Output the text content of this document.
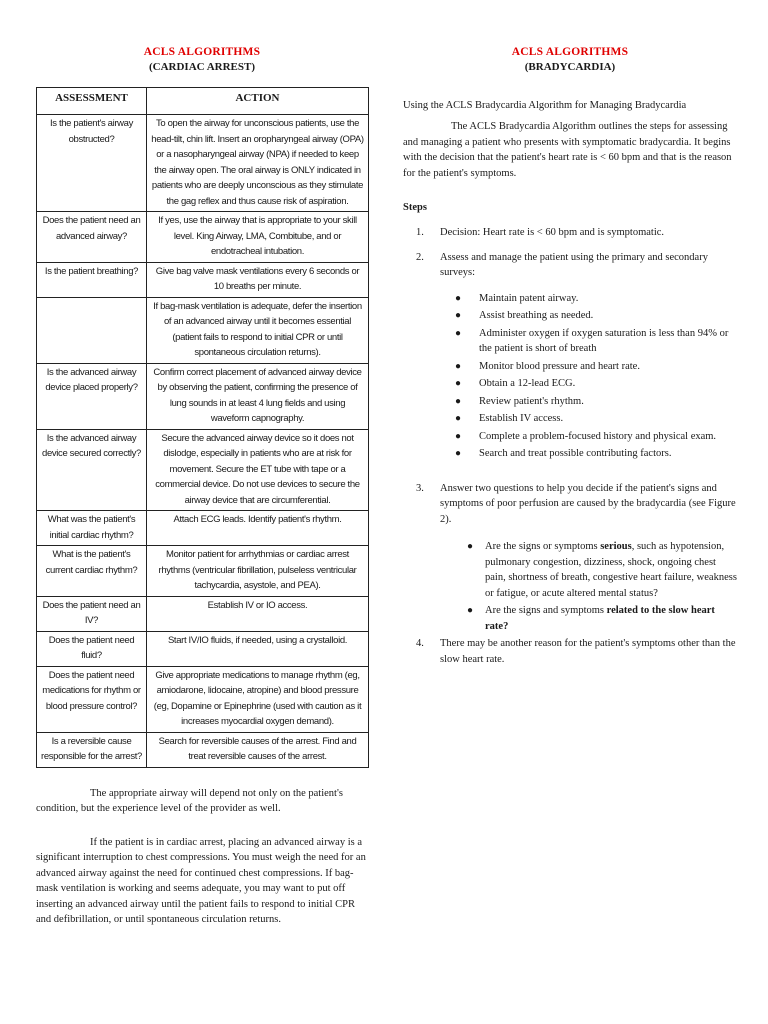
ACLS ALGORITHMS
(CARDIAC ARREST)
ASSESSMENT	ACTION
Is the patient's airway obstructed?	To open the airway for unconscious patients, use the head-tilt, chin lift. Insert an oropharyngeal airway (OPA) or a nasopharyngeal airway (NPA) if needed to keep the airway open. The oral airway is ONLY indicated in patients who are deeply unconscious as they stimulate the gag reflex and thus cause risk of aspiration.
Does the patient need an advanced airway?	If yes, use the airway that is appropriate to your skill level. King Airway, LMA, Combitube, and or endotracheal intubation.
Is the patient breathing?	Give bag valve mask ventilations every 6 seconds or 10 breaths per minute.
	If bag-mask ventilation is adequate, defer the insertion of an advanced airway until it becomes essential (patient fails to respond to initial CPR or until spontaneous circulation returns).
Is the advanced airway device placed properly?	Confirm correct placement of advanced airway device by observing the patient, confirming the presence of lung sounds in at least 4 lung fields and using waveform capnography.
Is the advanced airway device secured correctly?	Secure the advanced airway device so it does not dislodge, especially in patients who are at risk for movement. Secure the ET tube with tape or a commercial device. Do not use devices to secure the airway device that are circumferential.
What was the patient's initial cardiac rhythm?	Attach ECG leads. Identify patient's rhythm.
What is the patient's current cardiac rhythm?	Monitor patient for arrhythmias or cardiac arrest rhythms (ventricular fibrillation, pulseless ventricular tachycardia, asystole, and PEA).
Does the patient need an IV?	Establish IV or IO access.
Does the patient need fluid?	Start IV/IO fluids, if needed, using a crystalloid.
Does the patient need medications for rhythm or blood pressure control?	Give appropriate medications to manage rhythm (eg, amiodarone, lidocaine, atropine) and blood pressure (eg, Dopamine or Epinephrine (used with caution as it increases myocardial oxygen demand).
Is a reversible cause responsible for the arrest?	Search for reversible causes of the arrest. Find and treat reversible causes of the arrest.

The appropriate airway will depend not only on the patient's condition, but the experience level of the provider as well.

If the patient is in cardiac arrest, placing an advanced airway is a significant interruption to chest compressions. You must weigh the need for an advanced airway against the need for continued chest compressions. If bag-mask ventilation is working and seems adequate, you may want to put off inserting an advanced airway until the patient fails to respond to initial CPR and defibrillation, or until spontaneous circulation returns.

ACLS ALGORITHMS
(BRADYCARDIA)
Using the ACLS Bradycardia Algorithm for Managing Bradycardia
The ACLS Bradycardia Algorithm outlines the steps for assessing and managing a patient who presents with symptomatic bradycardia. It begins with the decision that the patient's heart rate is < 60 bpm and that is the reason for the patient's symptoms.
Steps
1. Decision: Heart rate is < 60 bpm and is symptomatic.
2. Assess and manage the patient using the primary and secondary surveys:
● Maintain patent airway.
● Assist breathing as needed.
● Administer oxygen if oxygen saturation is less than 94% or the patient is short of breath
● Monitor blood pressure and heart rate.
● Obtain a 12-lead ECG.
● Review patient's rhythm.
● Establish IV access.
● Complete a problem-focused history and physical exam.
● Search and treat possible contributing factors.
3. Answer two questions to help you decide if the patient's signs and symptoms of poor perfusion are caused by the bradycardia (see Figure 2).
● Are the signs or symptoms serious, such as hypotension, pulmonary congestion, dizziness, shock, ongoing chest pain, shortness of breath, congestive heart failure, weakness or fatigue, or acute altered mental status?
● Are the signs and symptoms related to the slow heart rate?
4. There may be another reason for the patient's symptoms other than the slow heart rate.
